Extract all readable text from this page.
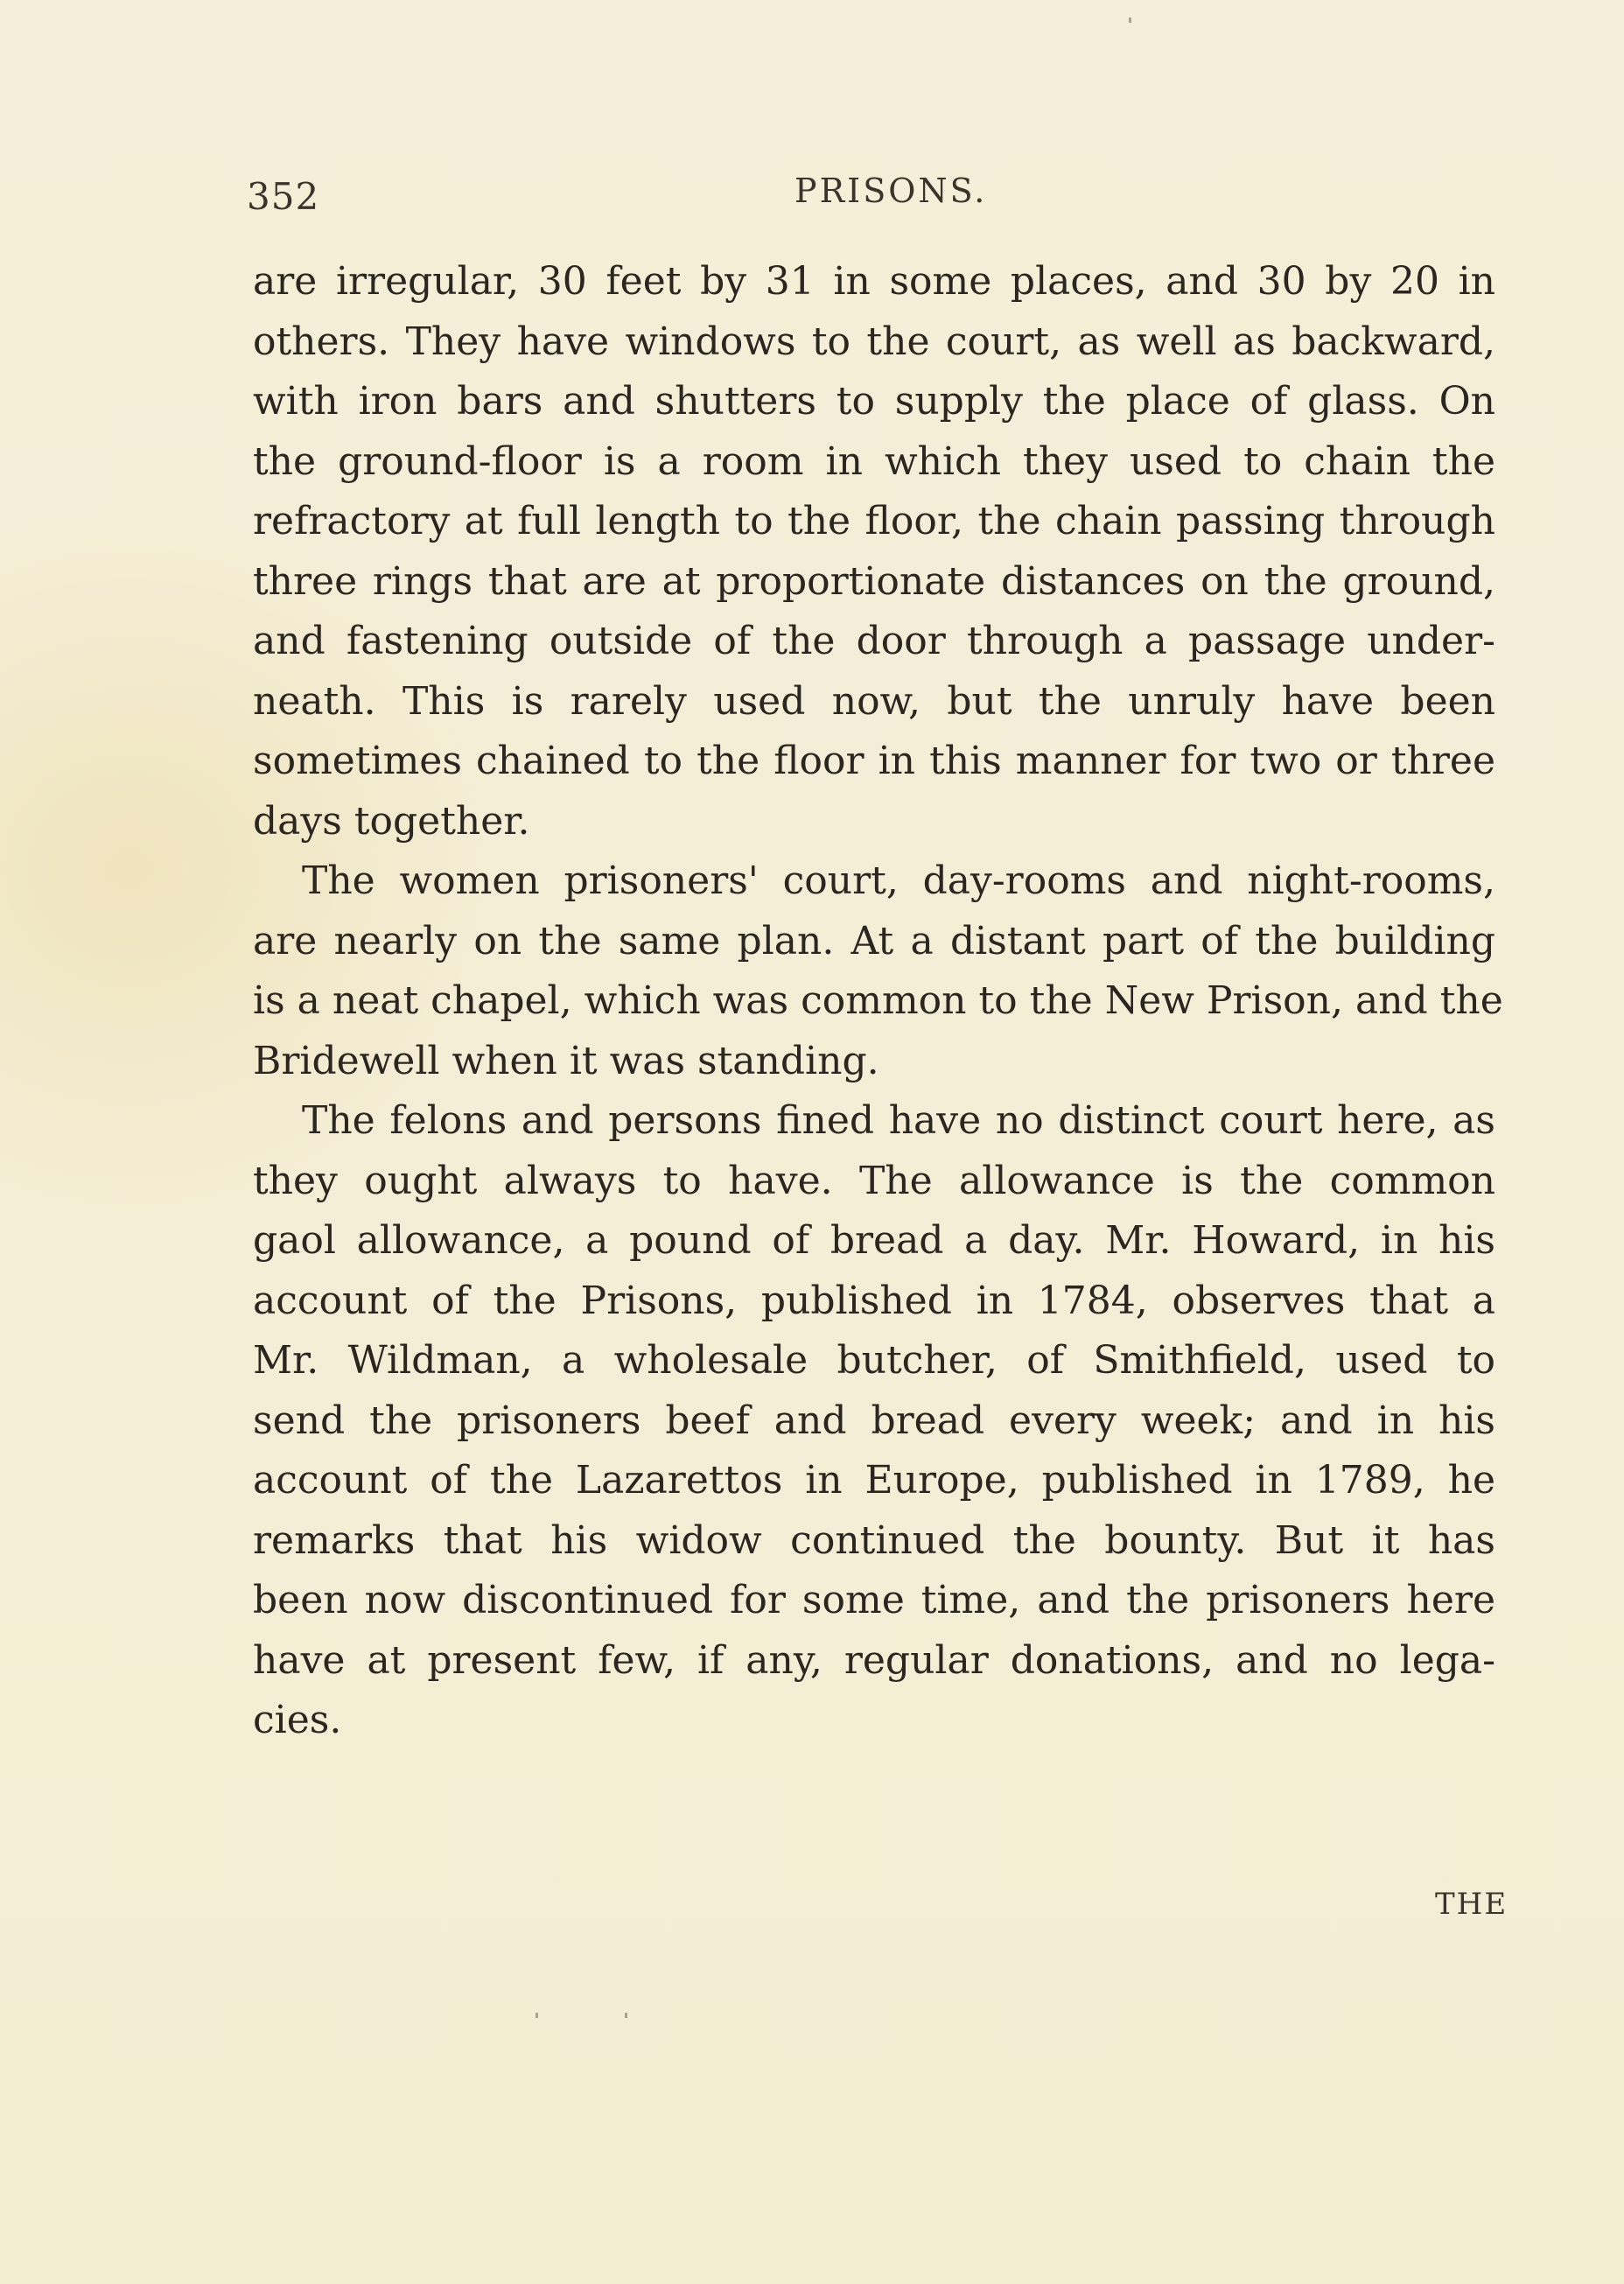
352	PRISONS.
are irregular, 30 feet by 31 in some places, and 30 by 20 in
others. They have windows to the court, as well as backward,
with iron bars and shutters to supply the place of glass. On
the ground-floor is a room in which they used to chain the
refractory at full length to the floor, the chain passing through
three rings that are at proportionate distances on the ground,
and fastening outside of the door through a passage under-
neath. This is rarely used now, but the unruly have been
sometimes chained to the floor in this manner for two or three
days together.
The women prisoners' court, day-rooms and night-rooms,
are nearly on the same plan. At a distant part of the building
is a neat chapel, which was common to the New Prison, and the
Bridewell when it was standing.
The felons and persons fined have no distinct court here, as
they ought always to have. The allowance is the common
gaol allowance, a pound of bread a day. Mr. Howard, in his
account of the Prisons, published in 1784, observes that a
Mr. Wildman, a wholesale butcher, of Smithfield, used to
send the prisoners beef and bread every week; and in his
account of the Lazarettos in Europe, published in 1789, he
remarks that his widow continued the bounty. But it has
been now discontinued for some time, and the prisoners here
have at present few, if any, regular donations, and no lega-
cies.
THE
